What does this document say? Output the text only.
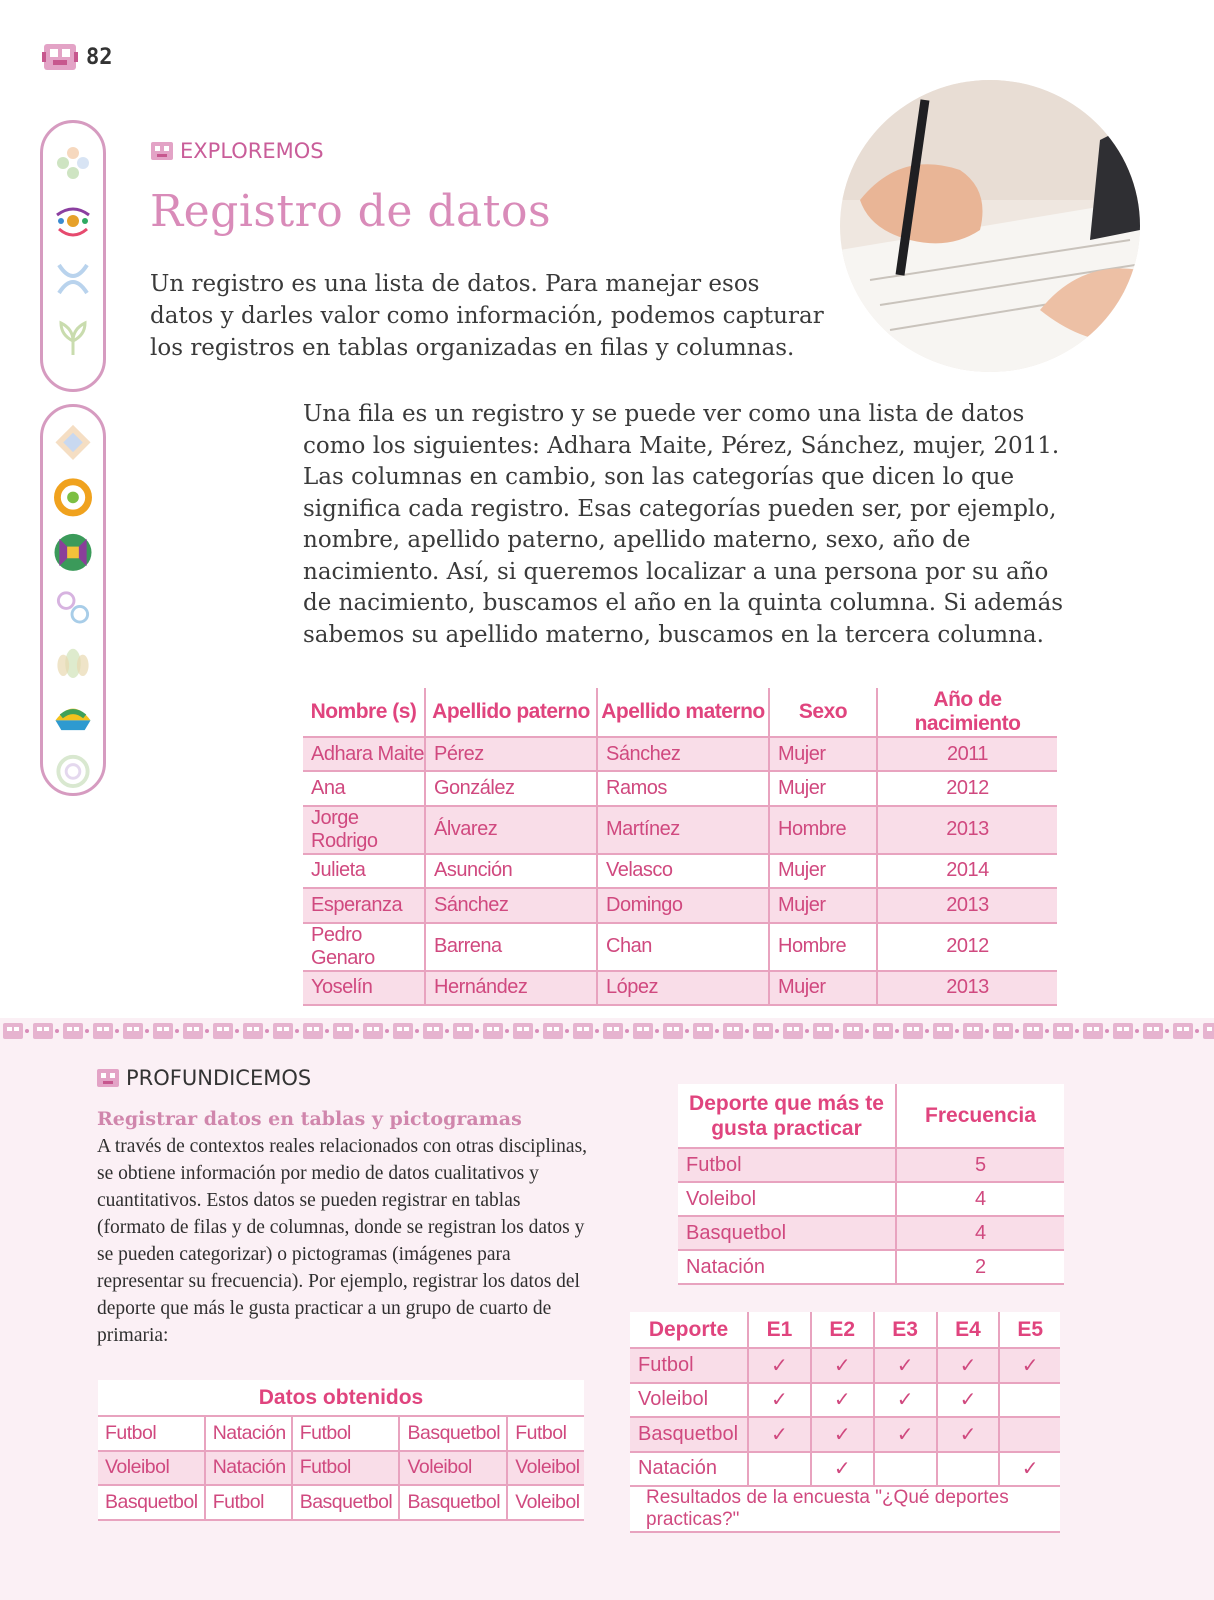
82
EXPLOREMOS
Registro de datos

Un registro es una lista de datos. Para manejar esos datos y darles valor como información, podemos capturar los registros en tablas organizadas en filas y columnas.

Una fila es un registro y se puede ver como una lista de datos como los siguientes: Adhara Maite, Pérez, Sánchez, mujer, 2011. Las columnas en cambio, son las categorías que dicen lo que significa cada registro. Esas categorías pueden ser, por ejemplo, nombre, apellido paterno, apellido materno, sexo, año de nacimiento. Así, si queremos localizar a una persona por su año de nacimiento, buscamos el año en la quinta columna. Si además sabemos su apellido materno, buscamos en la tercera columna.

Nombre (s)	Apellido paterno	Apellido materno	Sexo	Año de nacimiento
Adhara Maite	Pérez	Sánchez	Mujer	2011
Ana	González	Ramos	Mujer	2012
Jorge Rodrigo	Álvarez	Martínez	Hombre	2013
Julieta	Asunción	Velasco	Mujer	2014
Esperanza	Sánchez	Domingo	Mujer	2013
Pedro Genaro	Barrena	Chan	Hombre	2012
Yoselín	Hernández	López	Mujer	2013
PROFUNDICEMOS
Registrar datos en tablas y pictogramas

A través de contextos reales relacionados con otras disciplinas, se obtiene información por medio de datos cualitativos y cuantitativos. Estos datos se pueden registrar en tablas (formato de filas y de columnas, donde se registran los datos y se pueden categorizar) o pictogramas (imágenes para representar su frecuencia). Por ejemplo, registrar los datos del deporte que más le gusta practicar a un grupo de cuarto de primaria:

Deporte que más te gusta practicar	Frecuencia
Futbol	5
Voleibol	4
Basquetbol	4
Natación	2
Datos obtenidos				
Futbol	Natación	Futbol	Basquetbol	Futbol
Voleibol	Natación	Futbol	Voleibol	Voleibol
Basquetbol	Futbol	Basquetbol	Basquetbol	Voleibol
Deporte	E1	E2	E3	E4	E5
Futbol	✓	✓	✓	✓	✓
Voleibol	✓	✓	✓	✓	
Basquetbol	✓	✓	✓	✓	
Natación		✓			✓
Resultados de la encuesta "¿Qué deportes practicas?"					
